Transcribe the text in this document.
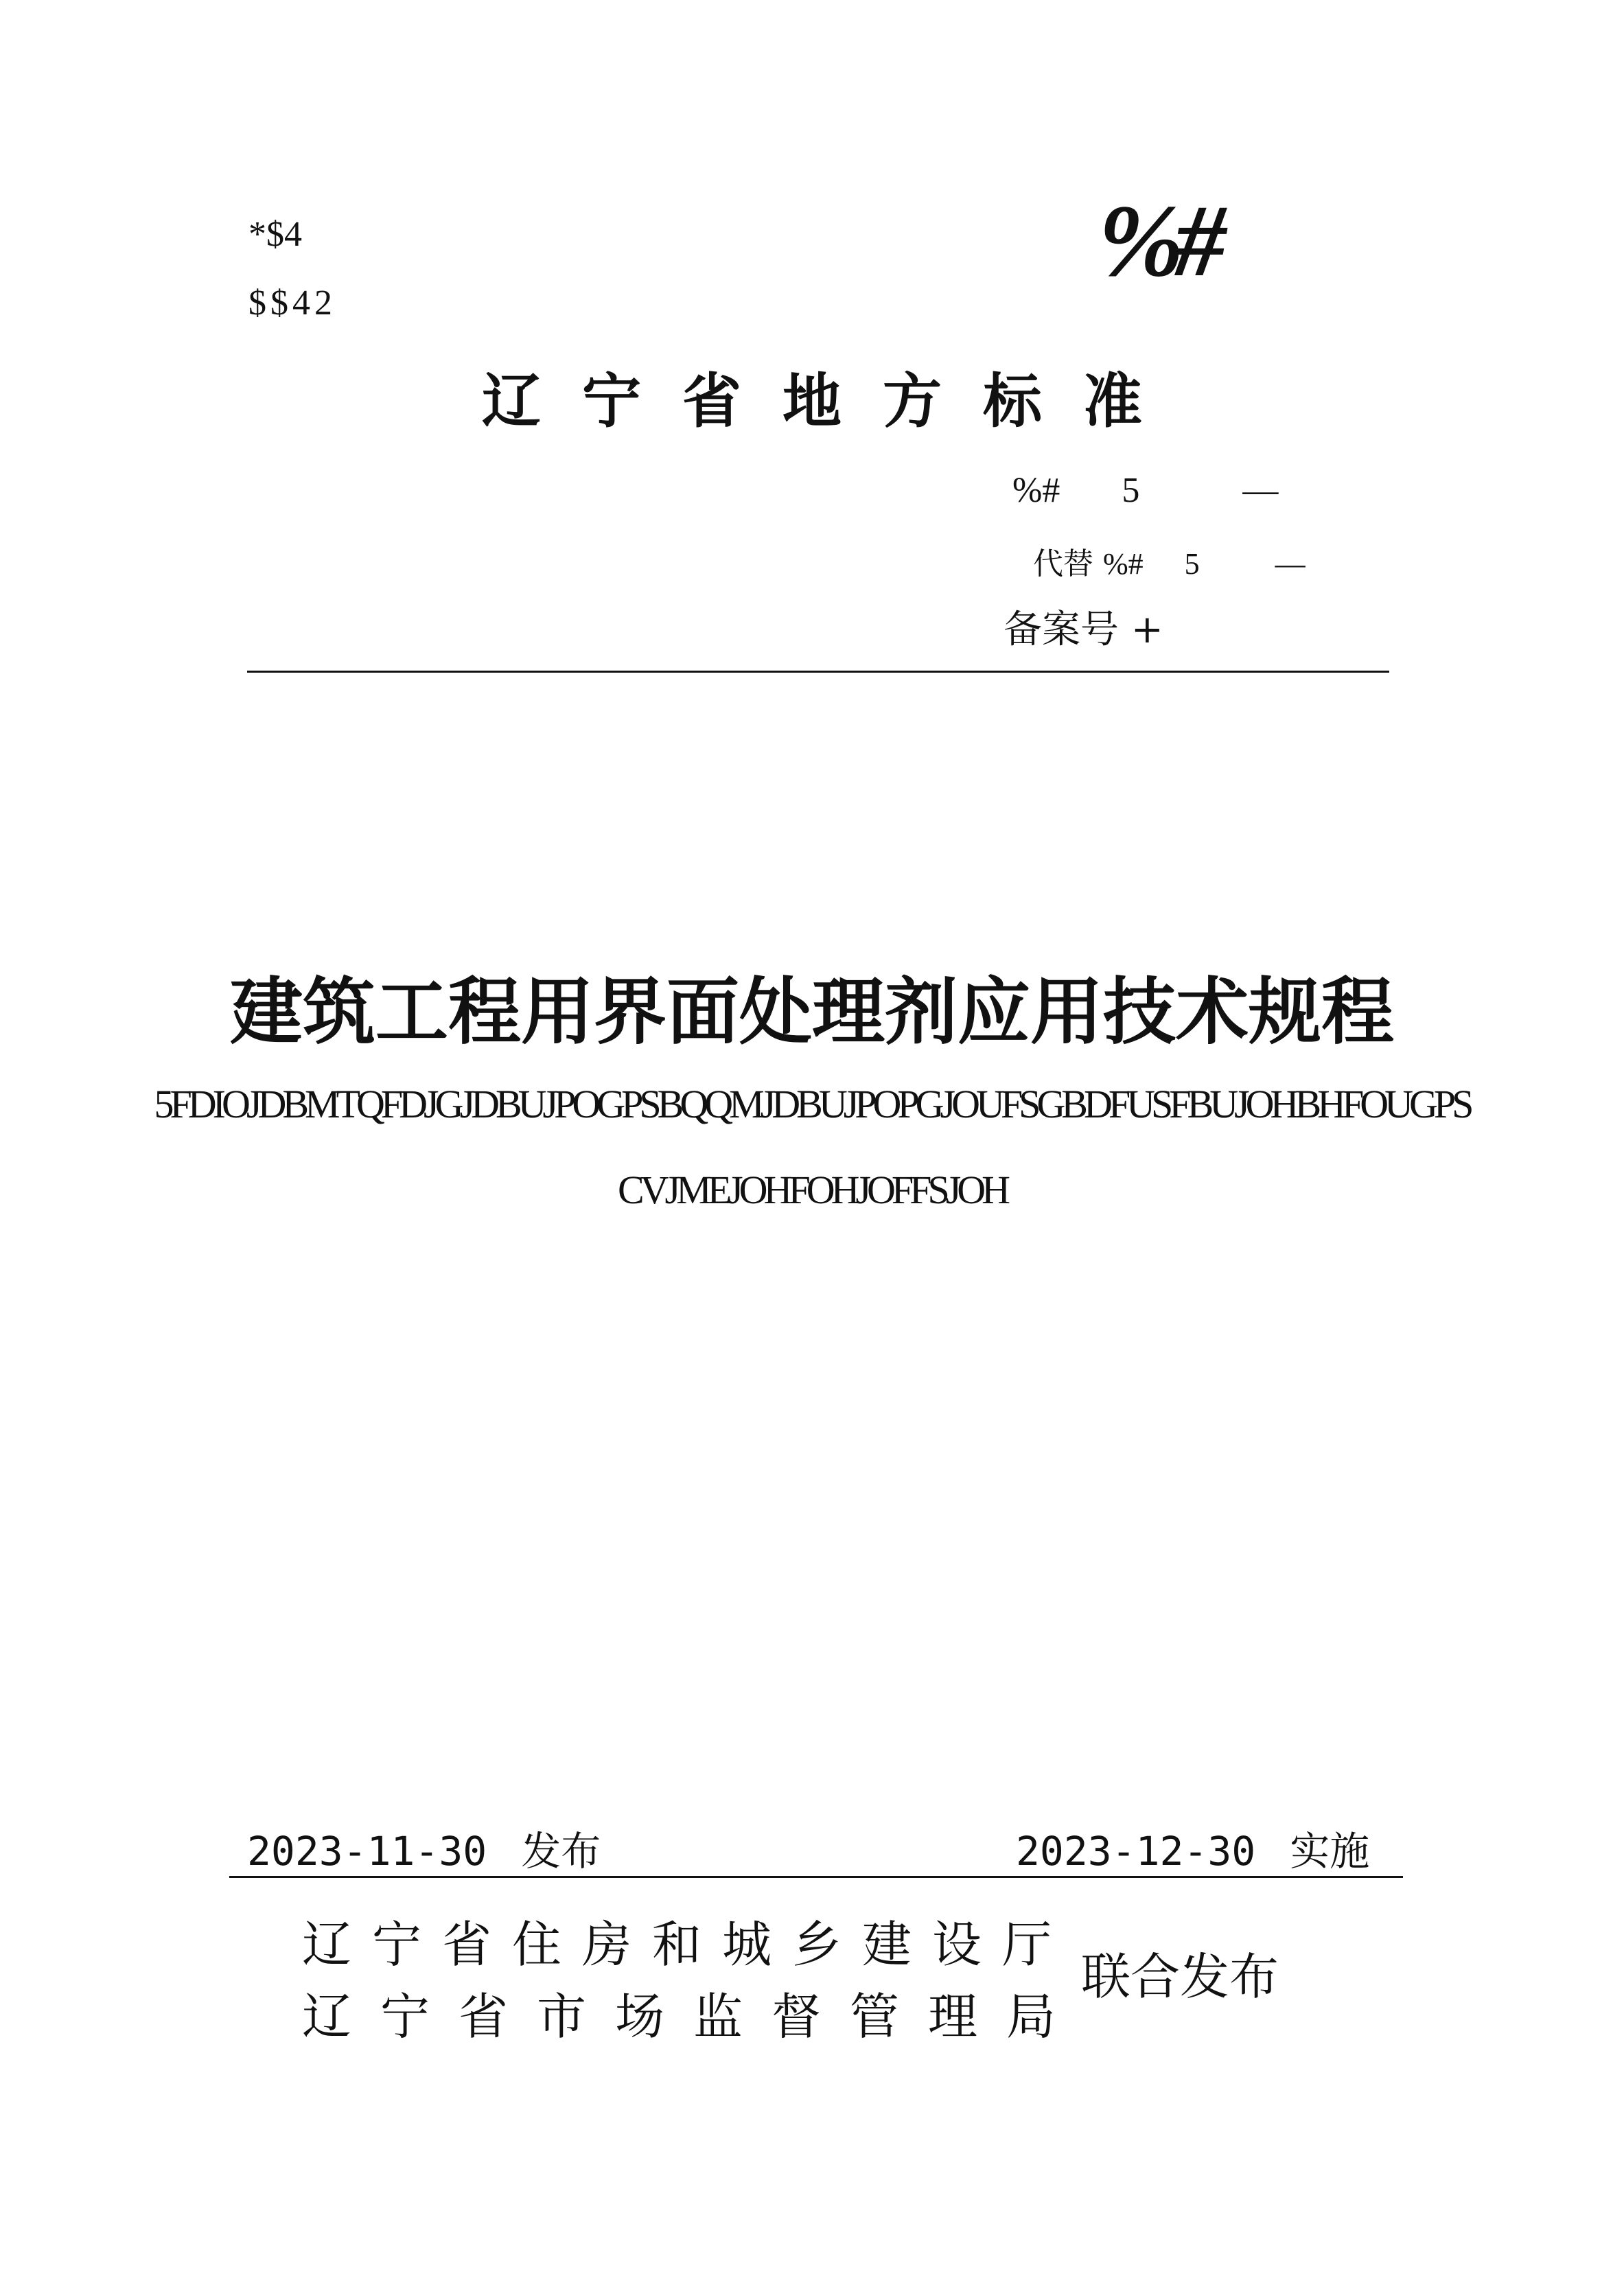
*$4
$$42
%#
辽宁省地方标准
%# 5	—
代替 %# 5	—
备案号 +
建筑工程用界面处理剂应用技术规程
5FDIOJDBMTQFDJGJDBUJPOGPSBQQMJDBUJPOPGJOUFSGBDFUSFBUJOHBHFOUGPS
CVJMEJOHFOHJOFFSJOH
2023-11-30 发布	2023-12-30 实施
辽宁省住房和城乡建设厅
辽宁省市场监督管理局
联合发布
